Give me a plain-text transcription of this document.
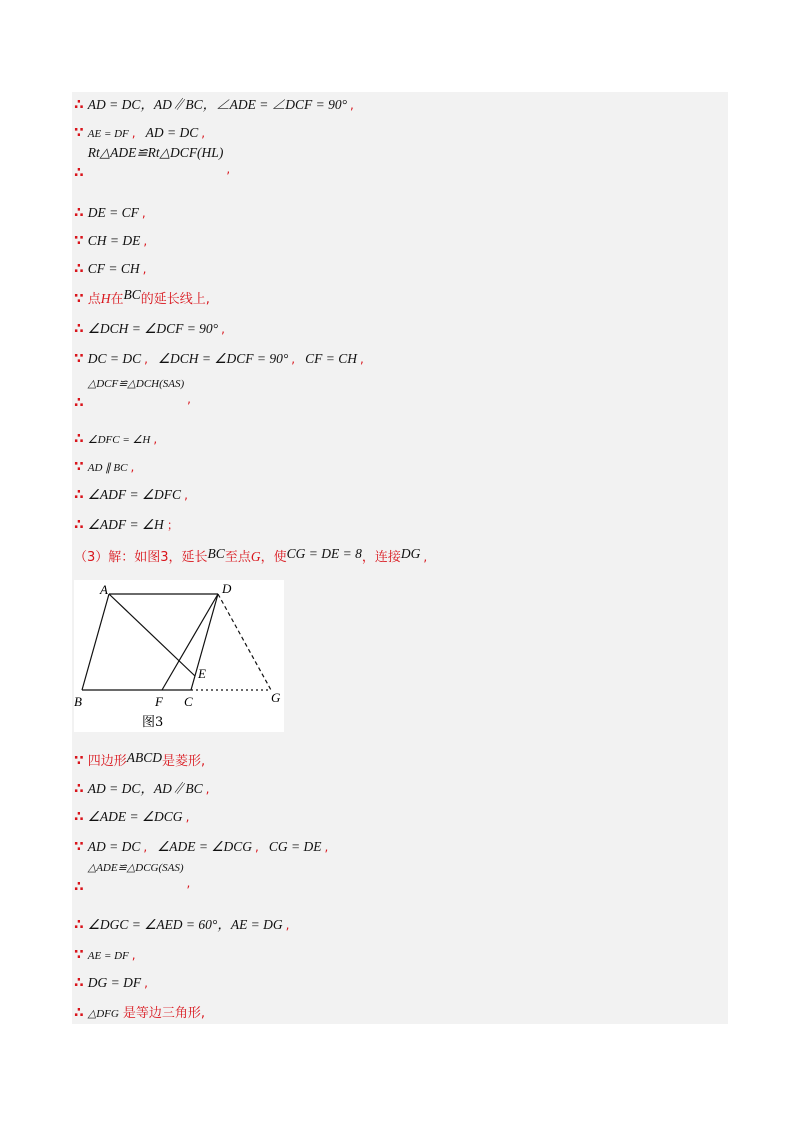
∴ AD = DC，AD∥BC，∠ADE = ∠DCF = 90° ,
∵ AE = DF , AD = DC ,
∴Rt△ADE≌Rt△DCF(HL),
∴ DE = CF ,
∵ CH = DE ,
∴ CF = CH ,
∵ 点H在BC的延长线上,
∴ ∠DCH = ∠DCF = 90° ,
∵ DC = DC , ∠DCH = ∠DCF = 90° , CF = CH ,
∴$^{\triangle DCF≌\triangle DCH(SAS)}$,
∴ ∠DFC = ∠H ,
∵ AD ∥ BC ,
∴ ∠ADF = ∠DFC ,
∴ ∠ADF = ∠H ；
（3）解：如图3，延长BC至点G，使CG = DE = 8，连接DG ,
A	D
E
B	F C	G
图3
∵ 四边形ABCD是菱形,
∴ AD = DC，AD∥BC ,
∴ ∠ADE = ∠DCG ,
∵ AD = DC , ∠ADE = ∠DCG , CG = DE ,
∴$^{\triangle ADE≌\triangle DCG(SAS)}$,
∴ ∠DGC = ∠AED = 60°，AE = DG ,
∵ AE = DF ,
∴ DG = DF ,
∴ △DFG 是等边三角形,
